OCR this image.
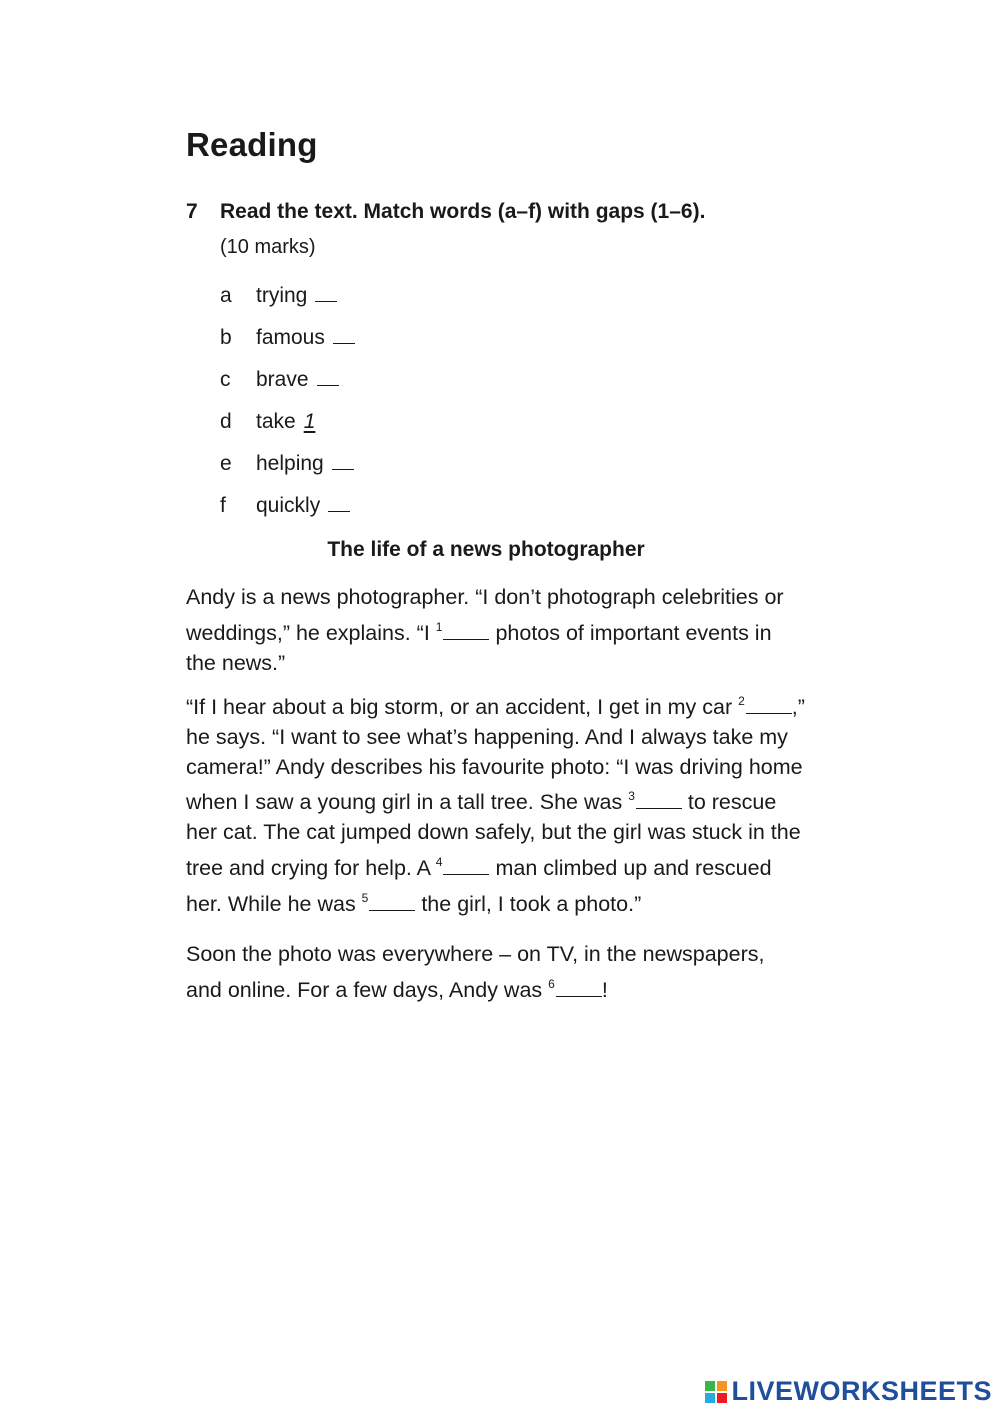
Reading
7 Read the text. Match words (a–f) with gaps (1–6).
(10 marks)
a trying
b famous
c brave
d take 1
e helping
f quickly
The life of a news photographer

Andy is a news photographer. “I don’t photograph celebrities or weddings,” he explains. “I $^1$ photos of important events in the news.”

“If I hear about a big storm, or an accident, I get in my car $^2$ ,” he says. “I want to see what’s happening. And I always take my camera!” Andy describes his favourite photo: “I was driving home when I saw a young girl in a tall tree. She was $^3$ to rescue her cat. The cat jumped down safely, but the girl was stuck in the tree and crying for help. A $^4$ man climbed up and rescued her. While he was $^5$ the girl, I took a photo.”

Soon the photo was everywhere – on TV, in the newspapers, and online. For a few days, Andy was $^6$ !

LIVEWORKSHEETS
